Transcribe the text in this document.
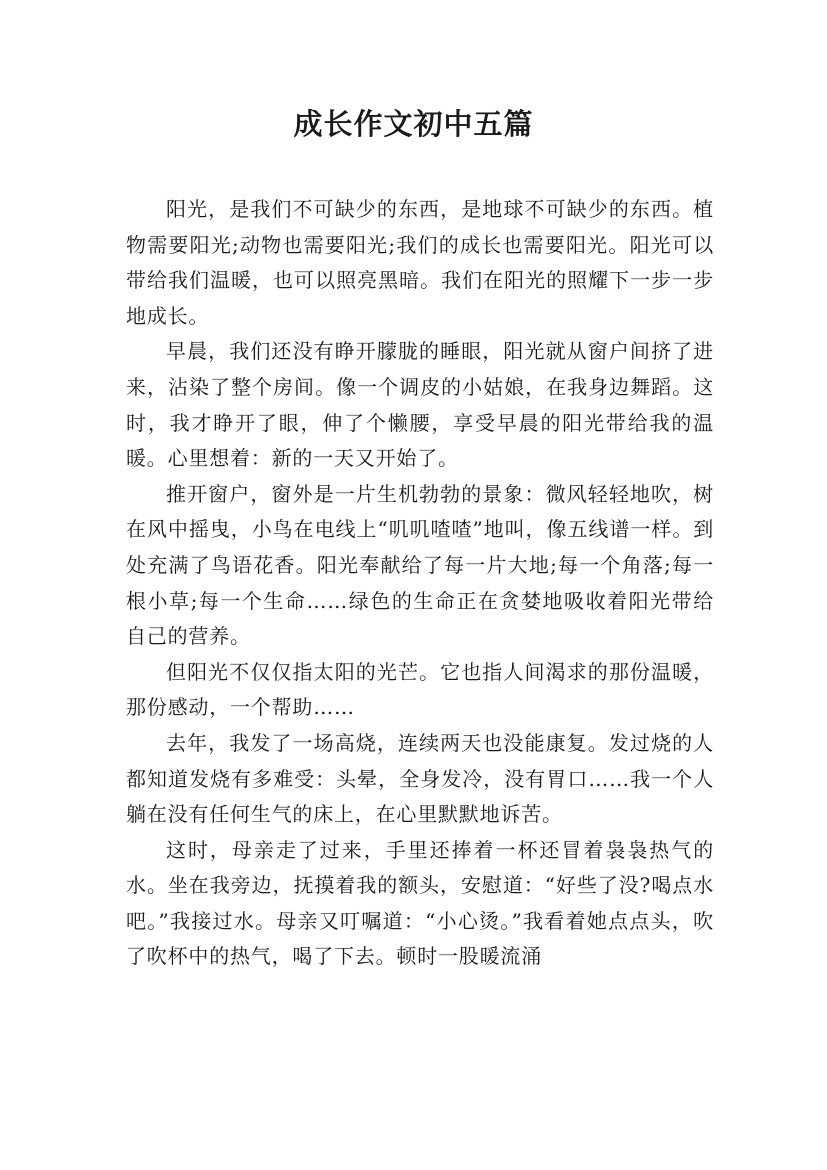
成长作文初中五篇

阳光，是我们不可缺少的东西，是地球不可缺少的东西。植物需要阳光;动物也需要阳光;我们的成长也需要阳光。阳光可以带给我们温暖，也可以照亮黑暗。我们在阳光的照耀下一步一步地成长。

早晨，我们还没有睁开朦胧的睡眼，阳光就从窗户间挤了进来，沾染了整个房间。像一个调皮的小姑娘，在我身边舞蹈。这时，我才睁开了眼，伸了个懒腰，享受早晨的阳光带给我的温暖。心里想着：新的一天又开始了。

推开窗户，窗外是一片生机勃勃的景象：微风轻轻地吹，树在风中摇曳，小鸟在电线上“叽叽喳喳”地叫，像五线谱一样。到处充满了鸟语花香。阳光奉献给了每一片大地;每一个角落;每一根小草;每一个生命……绿色的生命正在贪婪地吸收着阳光带给自己的营养。

但阳光不仅仅指太阳的光芒。它也指人间渴求的那份温暖，那份感动，一个帮助……

去年，我发了一场高烧，连续两天也没能康复。发过烧的人都知道发烧有多难受：头晕，全身发冷，没有胃口……我一个人躺在没有任何生气的床上，在心里默默地诉苦。

这时，母亲走了过来，手里还捧着一杯还冒着袅袅热气的水。坐在我旁边，抚摸着我的额头，安慰道：“好些了没?喝点水吧。”我接过水。母亲又叮嘱道：“小心烫。”我看着她点点头，吹了吹杯中的热气，喝了下去。顿时一股暖流涌
